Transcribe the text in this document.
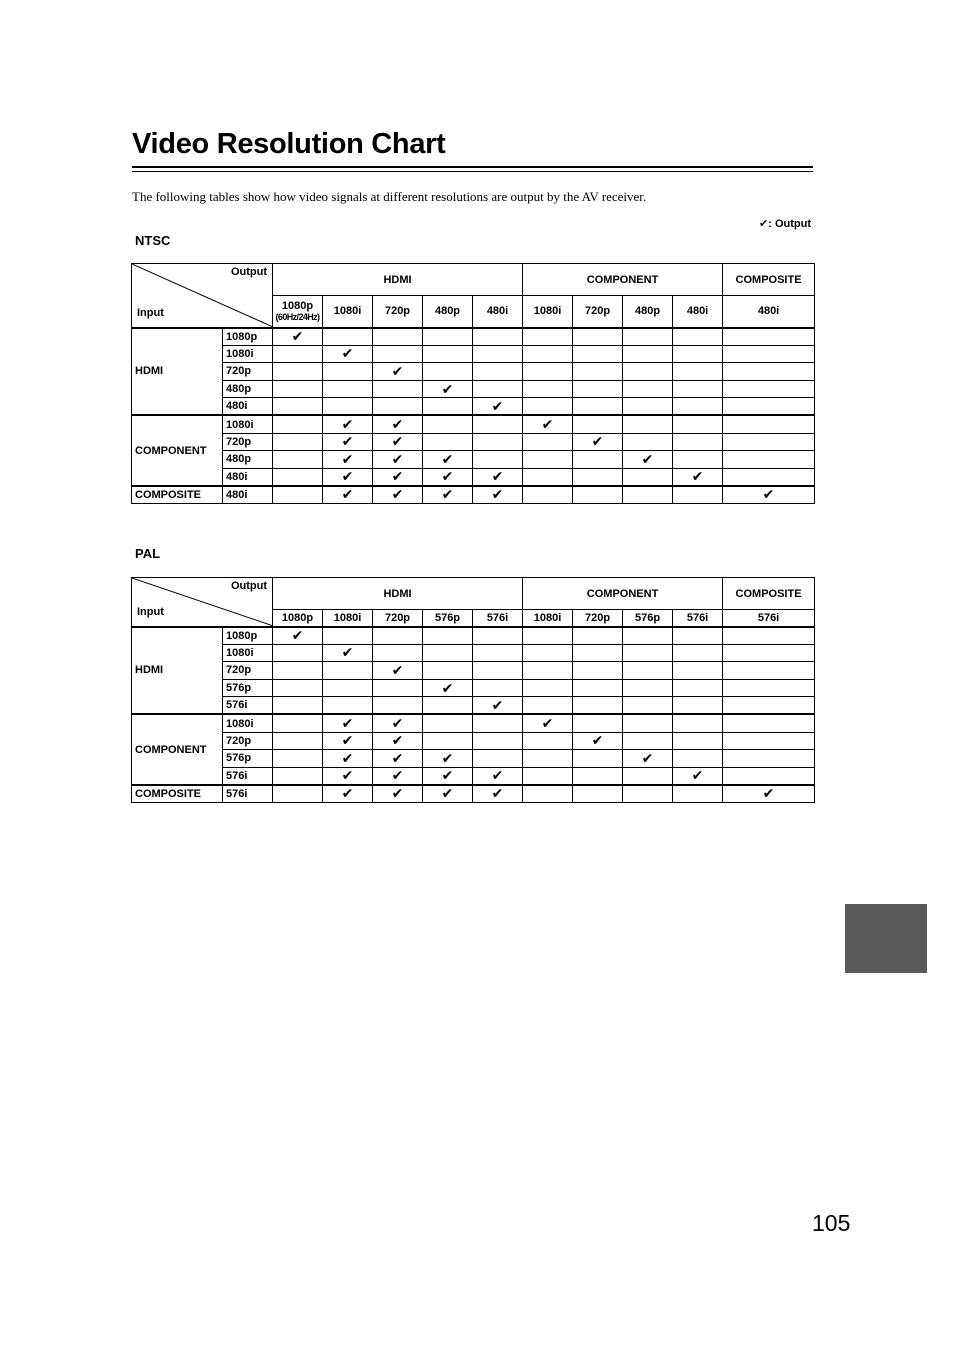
Video Resolution Chart
The following tables show how video signals at different resolutions are output by the AV receiver.
✔: Output
NTSC
Output
Input		HDMI					COMPONENT				COMPOSITE
		1080p
(60Hz/24Hz)	1080i	720p	480p	480i	1080i	720p	480p	480i	480i
HDMI	1080p	✔									
	1080i		✔								
	720p			✔							
	480p				✔						
	480i					✔					
COMPONENT	1080i		✔	✔			✔				
	720p		✔	✔				✔			
	480p		✔	✔	✔				✔		
	480i		✔	✔	✔	✔				✔	
COMPOSITE	480i		✔	✔	✔	✔					✔
PAL
Output
Input		HDMI					COMPONENT				COMPOSITE
		1080p	1080i	720p	576p	576i	1080i	720p	576p	576i	576i
HDMI	1080p	✔									
	1080i		✔								
	720p			✔							
	576p				✔						
	576i					✔					
COMPONENT	1080i		✔	✔			✔				
	720p		✔	✔				✔			
	576p		✔	✔	✔				✔		
	576i		✔	✔	✔	✔				✔	
COMPOSITE	576i		✔	✔	✔	✔					✔
105
